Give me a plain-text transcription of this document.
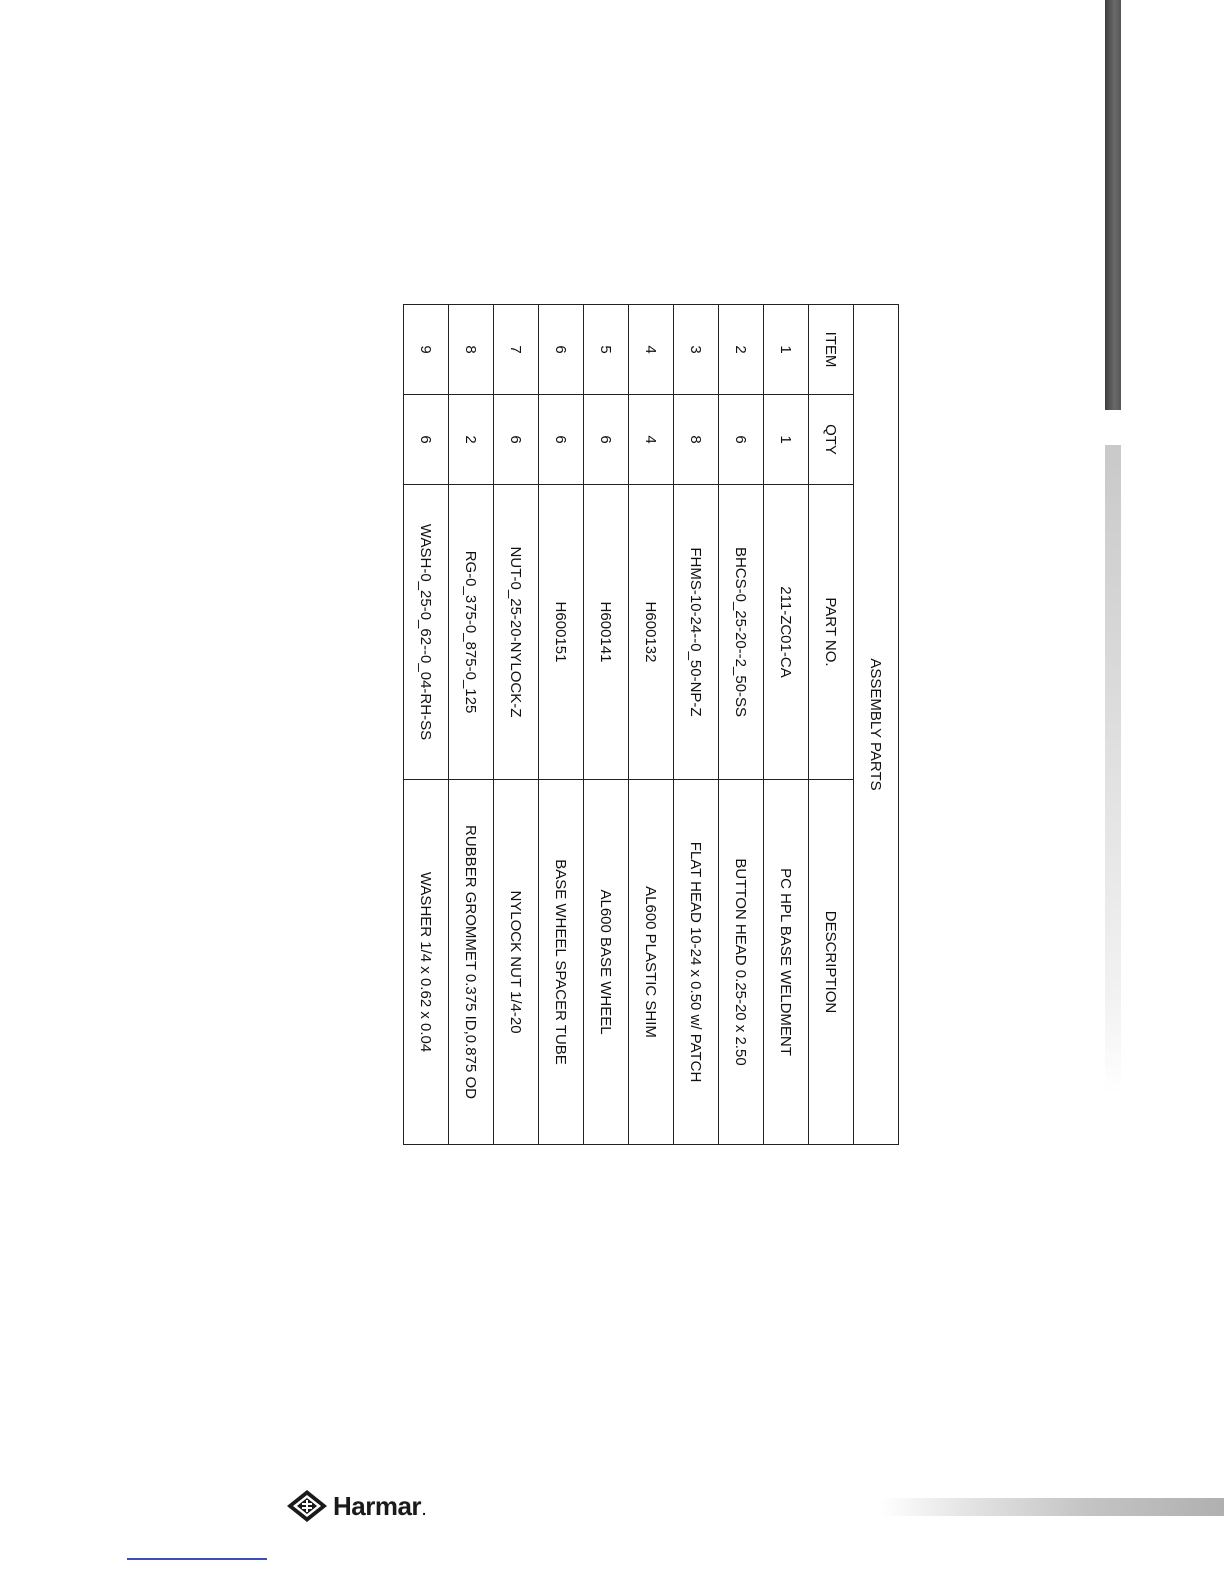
ASSEMBLY PARTS			
ITEM	QTY	PART NO.	DESCRIPTION
1	1	211-ZC01-CA	PC HPL BASE WELDMENT
2	6	BHCS-0_25-20--2_50-SS	BUTTON HEAD 0.25-20 x 2.50
3	8	FHMS-10-24--0_50-NP-Z	FLAT HEAD 10-24 x 0.50 w/ PATCH
4	4	H600132	AL600 PLASTIC SHIM
5	6	H600141	AL600 BASE WHEEL
6	6	H600151	BASE WHEEL SPACER TUBE
7	6	NUT-0_25-20-NYLOCK-Z	NYLOCK NUT 1/4-20
8	2	RG-0_375-0_875-0_125	RUBBER GROMMET 0.375 ID,0.875 OD
9	6	WASH-0_25-0_62--0_04-RH-SS	WASHER 1/4 x 0.62 x 0.04
Harmar .
